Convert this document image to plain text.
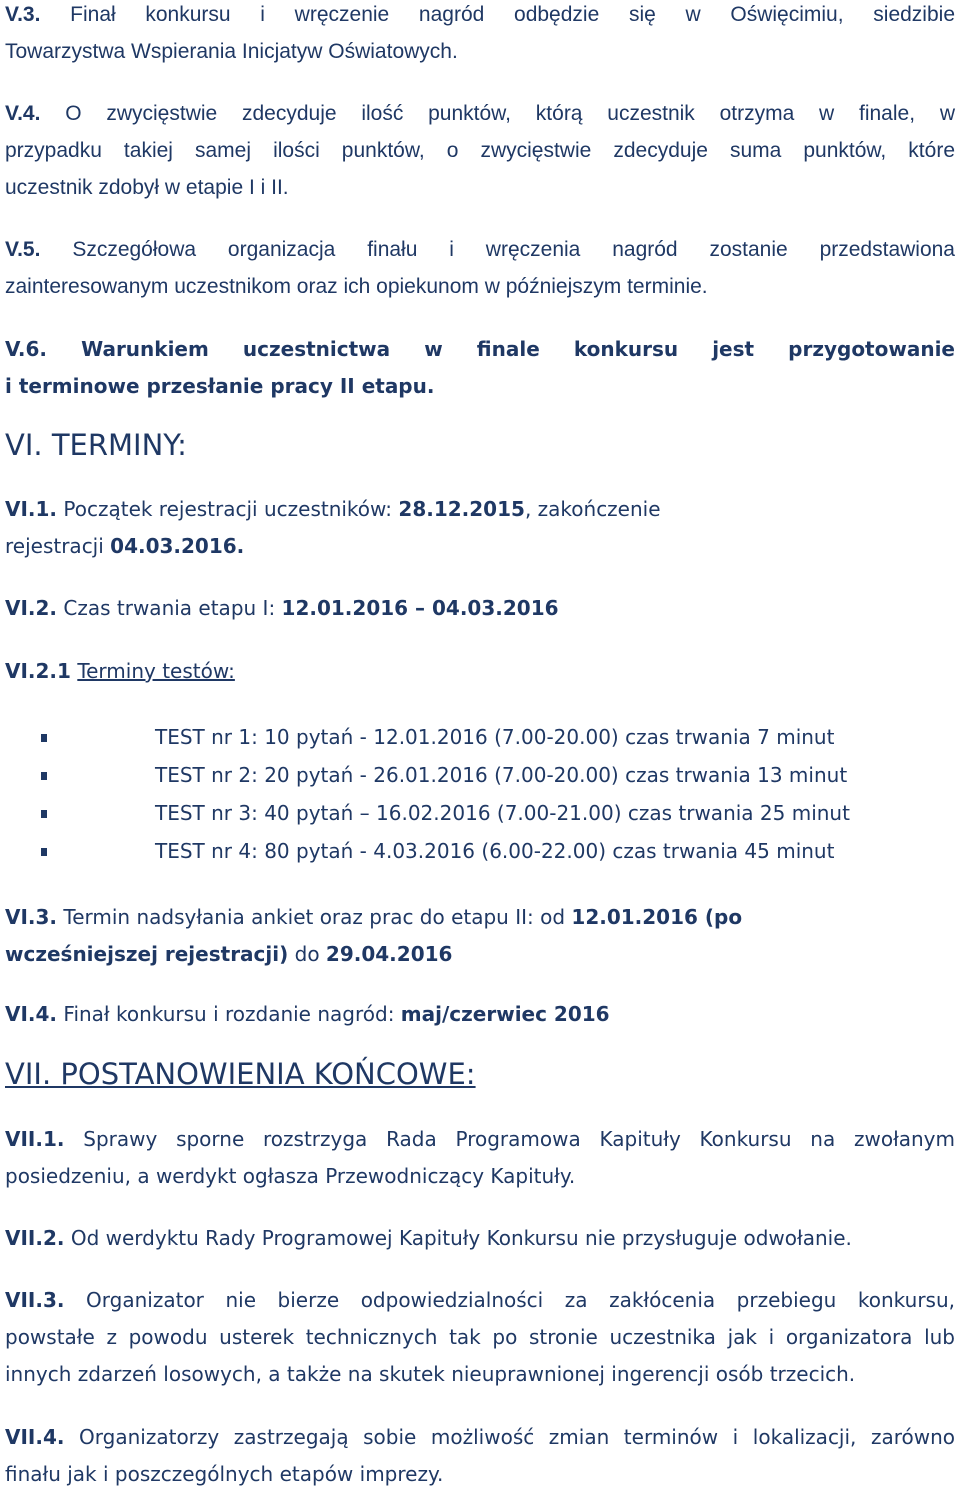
V.3. Finał konkursu i wręczenie nagród odbędzie się w Oświęcimiu, siedzibie
Towarzystwa Wspierania Inicjatyw Oświatowych.
V.4. O zwycięstwie zdecyduje ilość punktów, którą uczestnik otrzyma w finale, w
przypadku takiej samej ilości punktów, o zwycięstwie zdecyduje suma punktów, które
uczestnik zdobył w etapie I i II.
V.5. Szczegółowa organizacja finału i wręczenia nagród zostanie przedstawiona
zainteresowanym uczestnikom oraz ich opiekunom w późniejszym terminie.
V.6. Warunkiem uczestnictwa w finale konkursu jest przygotowanie
i terminowe przesłanie pracy II etapu.
VI. TERMINY:
VI.1. Początek rejestracji uczestników: 28.12.2015, zakończenie
rejestracji 04.03.2016.
VI.2. Czas trwania etapu I: 12.01.2016 – 04.03.2016
VI.2.1 Terminy testów:
TEST nr 1: 10 pytań - 12.01.2016 (7.00-20.00) czas trwania 7 minut
TEST nr 2: 20 pytań - 26.01.2016 (7.00-20.00) czas trwania 13 minut
TEST nr 3: 40 pytań – 16.02.2016 (7.00-21.00) czas trwania 25 minut
TEST nr 4: 80 pytań - 4.03.2016 (6.00-22.00) czas trwania 45 minut
VI.3. Termin nadsyłania ankiet oraz prac do etapu II: od 12.01.2016 (po
wcześniejszej rejestracji) do 29.04.2016
VI.4. Finał konkursu i rozdanie nagród: maj/czerwiec 2016
VII. POSTANOWIENIA KOŃCOWE:
VII.1. Sprawy sporne rozstrzyga Rada Programowa Kapituły Konkursu na zwołanym
posiedzeniu, a werdykt ogłasza Przewodniczący Kapituły.
VII.2. Od werdyktu Rady Programowej Kapituły Konkursu nie przysługuje odwołanie.
VII.3. Organizator nie bierze odpowiedzialności za zakłócenia przebiegu konkursu,
powstałe z powodu usterek technicznych tak po stronie uczestnika jak i organizatora lub
innych zdarzeń losowych, a także na skutek nieuprawnionej ingerencji osób trzecich.
VII.4. Organizatorzy zastrzegają sobie możliwość zmian terminów i lokalizacji, zarówno
finału jak i poszczególnych etapów imprezy.
